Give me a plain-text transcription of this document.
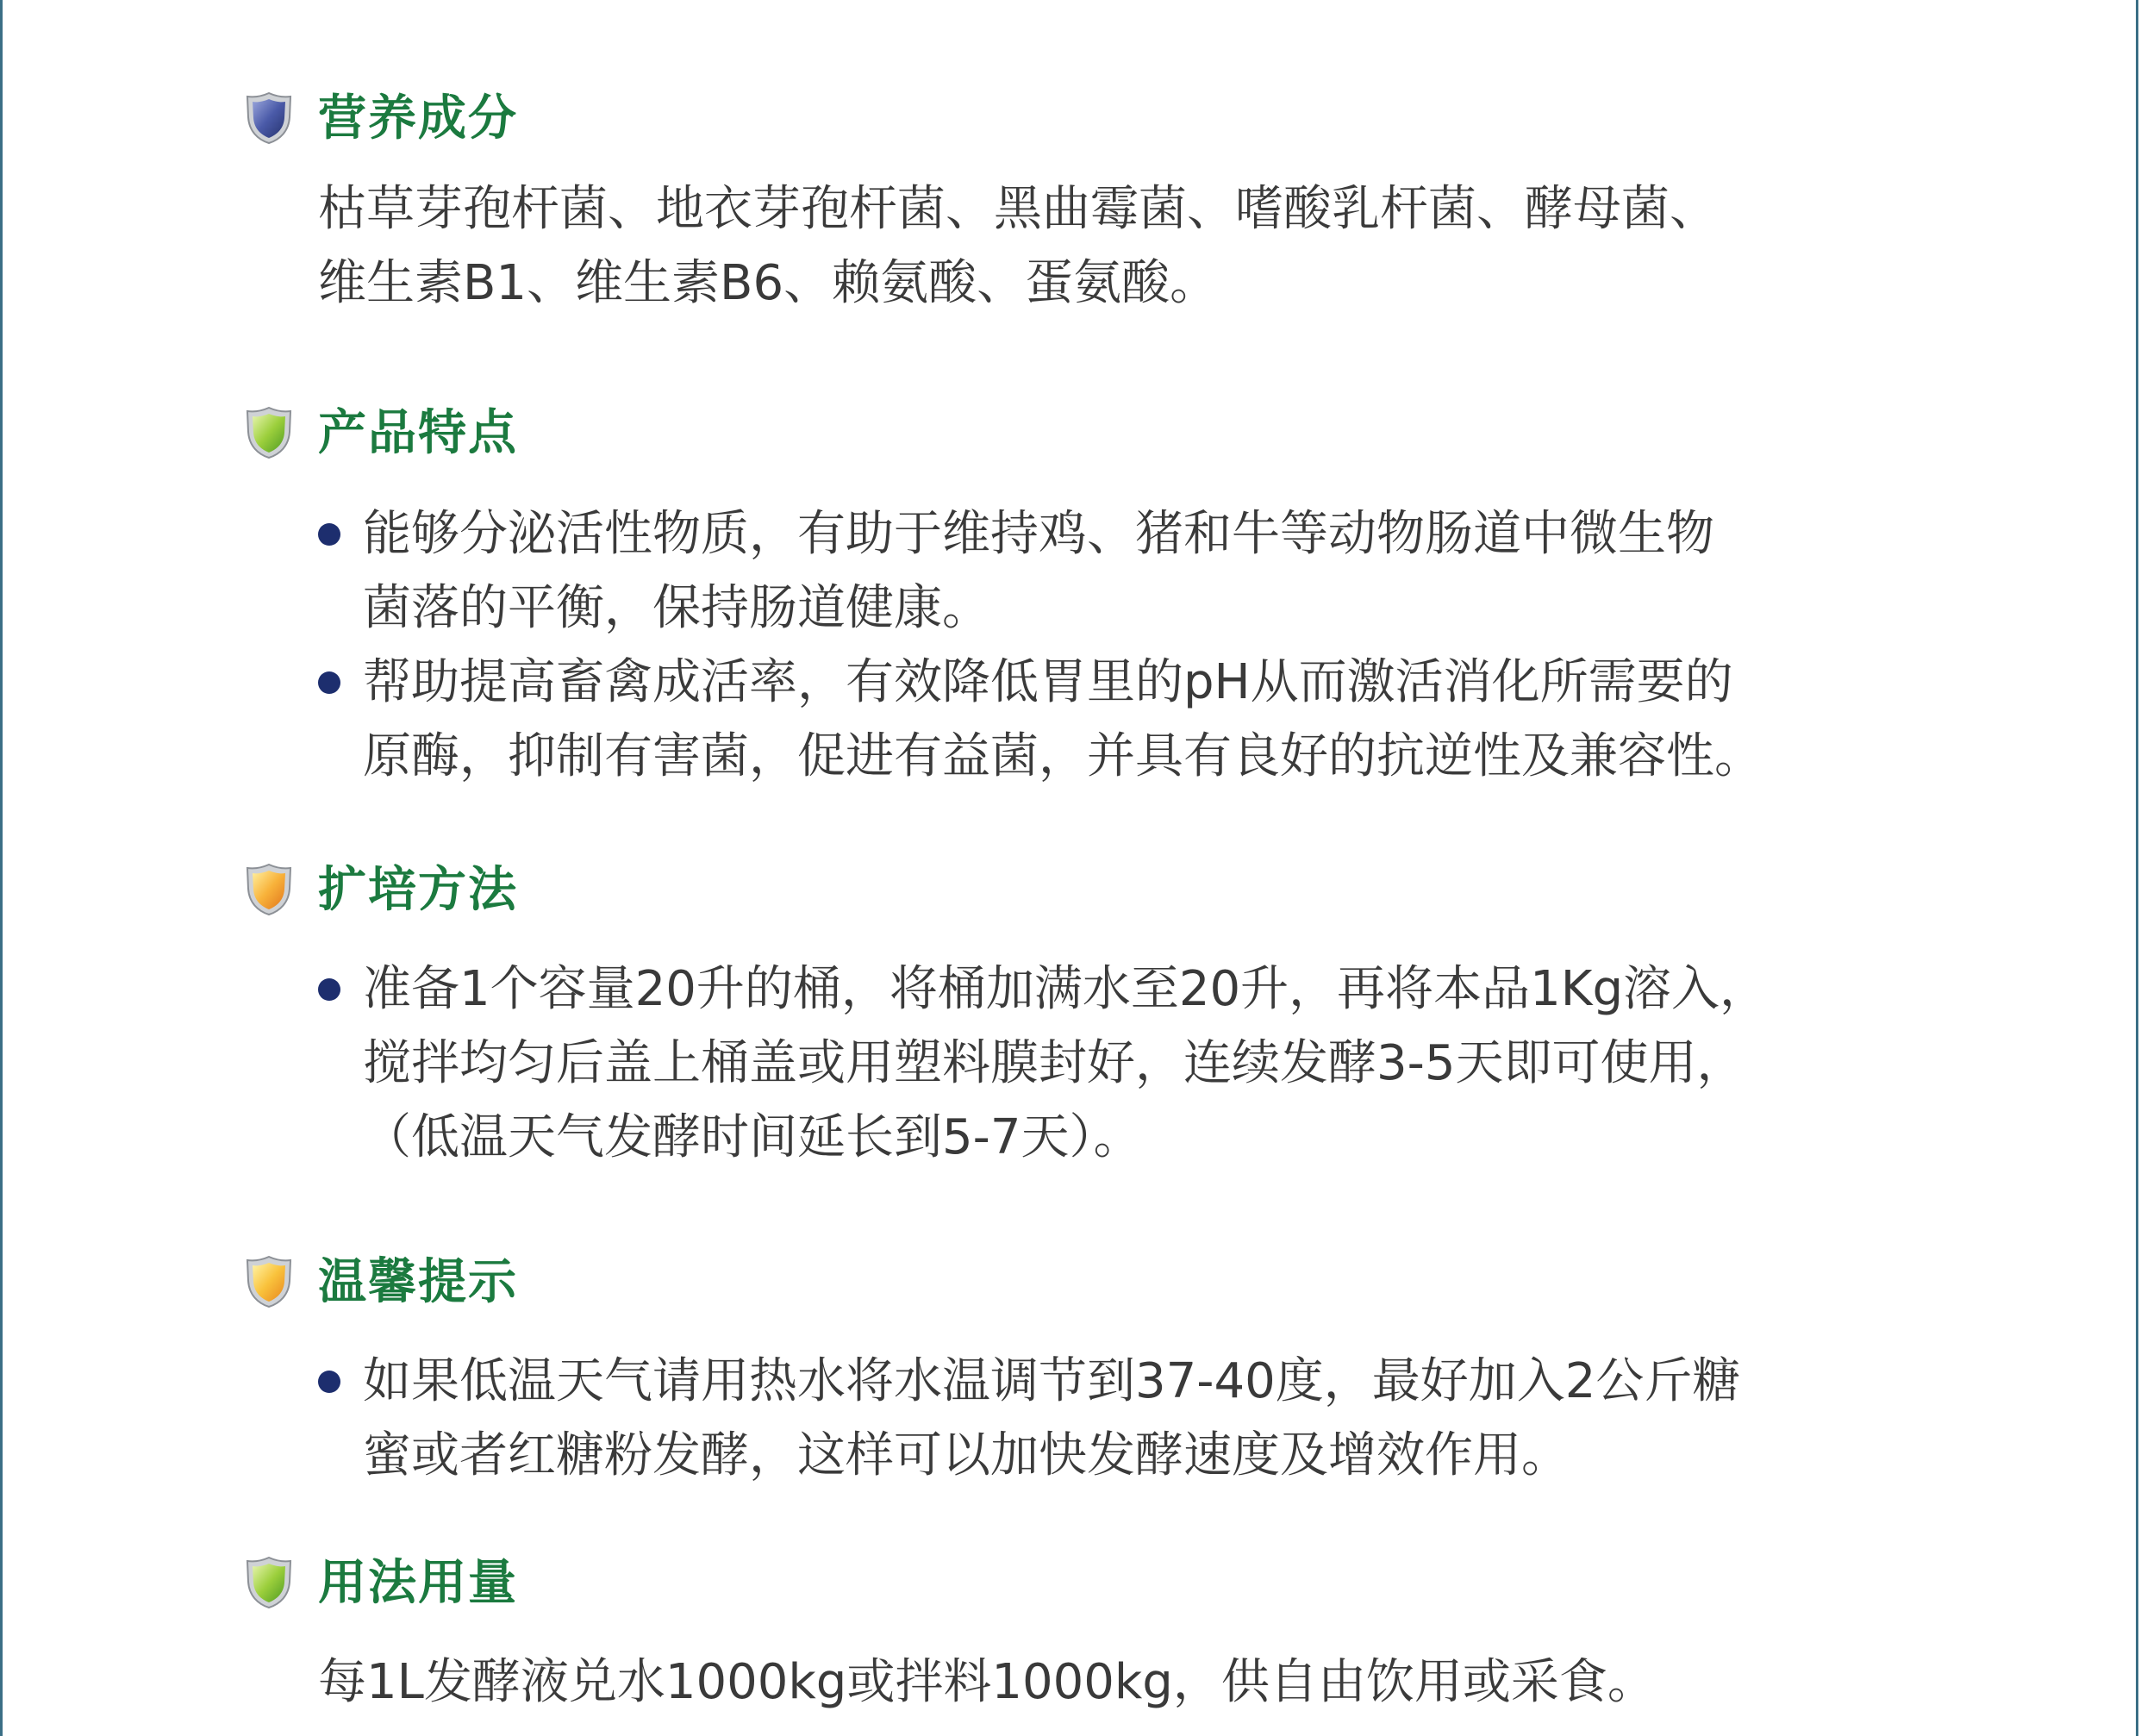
营养成分
枯草芽孢杆菌、地衣芽孢杆菌、黑曲霉菌、嗜酸乳杆菌、酵母菌、
维生素B1、维生素B6、赖氨酸、蛋氨酸。
产品特点
能够分泌活性物质，有助于维持鸡、猪和牛等动物肠道中微生物
菌落的平衡，保持肠道健康。
帮助提高畜禽成活率，有效降低胃里的pH从而激活消化所需要的
原酶，抑制有害菌，促进有益菌，并具有良好的抗逆性及兼容性。
扩培方法
准备1个容量20升的桶，将桶加满水至20升，再将本品1Kg溶入，
搅拌均匀后盖上桶盖或用塑料膜封好，连续发酵3-5天即可使用，
（低温天气发酵时间延长到5-7天）。
温馨提示
如果低温天气请用热水将水温调节到37-40度，最好加入2公斤糖
蜜或者红糖粉发酵，这样可以加快发酵速度及增效作用。
用法用量
每1L发酵液兑水1000kg或拌料1000kg，供自由饮用或采食。
